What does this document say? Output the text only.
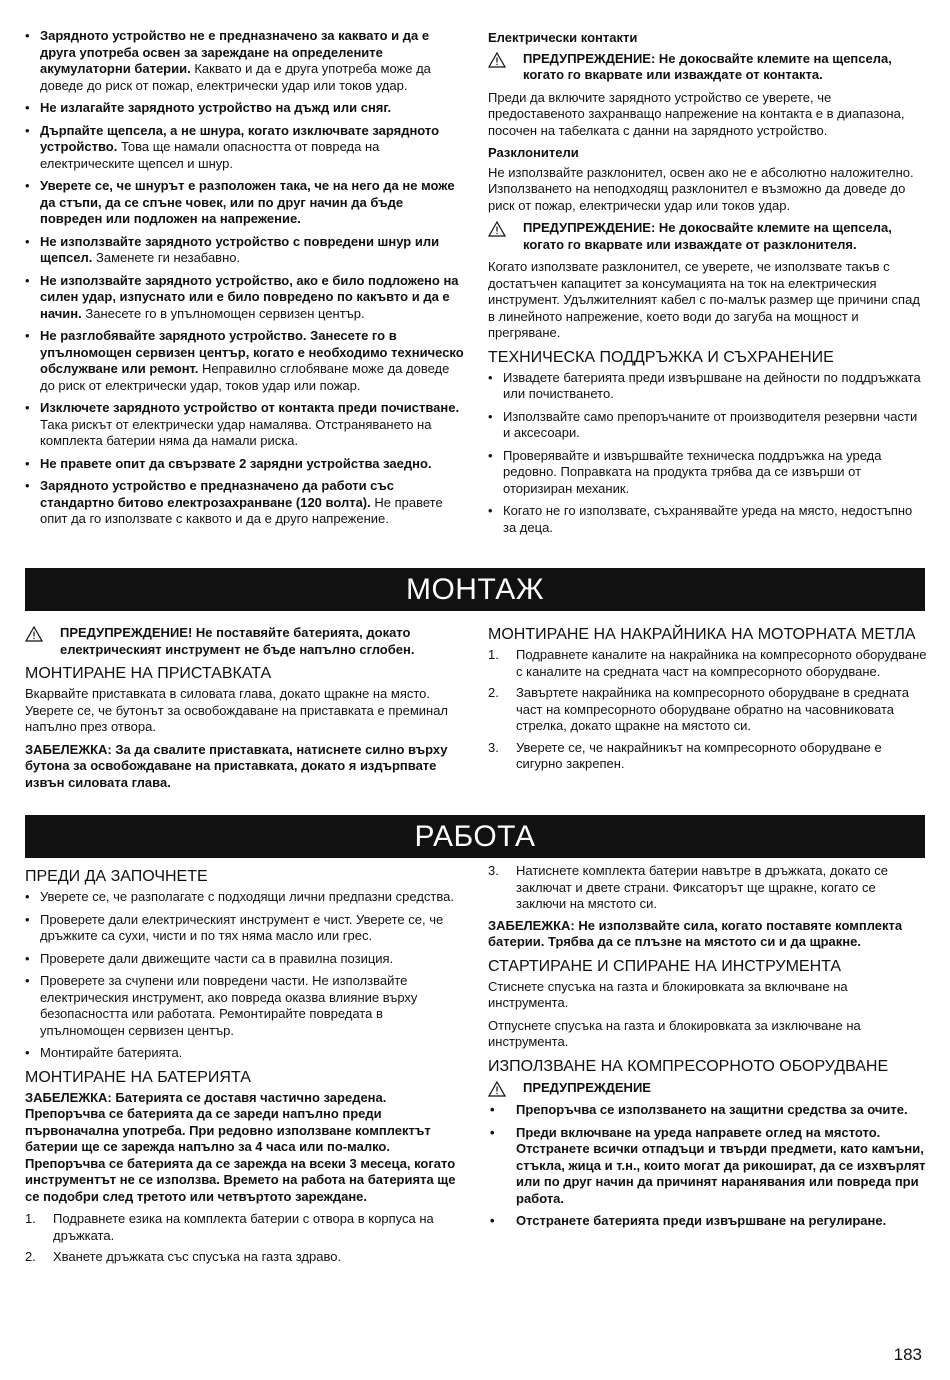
• Зарядното устройство не е предназначено за каквато и да е друга употреба освен за зареждане на определените акумулаторни батерии. Каквато и да е друга употреба може да доведе до риск от пожар, електрически удар или токов удар.
• Не излагайте зарядното устройство на дъжд или сняг.
• Дърпайте щепсела, а не шнура, когато изключвате зарядното устройство. Това ще намали опасността от повреда на електрическите щепсел и шнур.
• Уверете се, че шнурът е разположен така, че на него да не може да стъпи, да се спъне човек, или по друг начин да бъде повреден или подложен на напрежение.
• Не използвайте зарядното устройство с повредени шнур или щепсел. Заменете ги незабавно.
• Не използвайте зарядното устройство, ако е било подложено на силен удар, изпуснато или е било повредено по какъвто и да е начин. Занесете го в упълномощен сервизен център.
• Не разглобявайте зарядното устройство. Занесете го в упълномощен сервизен център, когато е необходимо техническо обслужване или ремонт. Неправилно сглобяване може да доведе до риск от електрически удар, токов удар или пожар.
• Изключете зарядното устройство от контакта преди почистване. Така рискът от електрически удар намалява. Отстраняването на комплекта батерии няма да намали риска.
• Не правете опит да свързвате 2 зарядни устройства заедно.
• Зарядното устройство е предназначено да работи със стандартно битово електрозахранване (120 волта). Не правете опит да го използвате с каквото и да е друго напрежение.
Електрически контакти
ПРЕДУПРЕЖДЕНИЕ: Не докосвайте клемите на щепсела, когато го вкарвате или изваждате от контакта.

Преди да включите зарядното устройство се уверете, че предоставеното захранващо напрежение на контакта е в диапазона, посочен на табелката с данни на зарядното устройство.

Разклонители

Не използвайте разклонител, освен ако не е абсолютно наложително. Използването на неподходящ разклонител е възможно да доведе до риск от пожар, електрически удар или токов удар.

ПРЕДУПРЕЖДЕНИЕ: Не докосвайте клемите на щепсела, когато го вкарвате или изваждате от разклонителя.

Когато използвате разклонител, се уверете, че използвате такъв с достатъчен капацитет за консумацията на ток на електрическия инструмент. Удължителният кабел с по-малък размер ще причини спад в линейното напрежение, което води до загуба на мощност и прегряване.

ТЕХНИЧЕСКА ПОДДРЪЖКА И СЪХРАНЕНИЕ
• Извадете батерията преди извършване на дейности по поддръжката или почистването.
• Използвайте само препоръчаните от производителя резервни части и аксесоари.
• Проверявайте и извършвайте техническа поддръжка на уреда редовно. Поправката на продукта трябва да се извърши от оторизиран механик.
• Когато не го използвате, съхранявайте уреда на място, недостъпно за деца.
МОНТАЖ
ПРЕДУПРЕЖДЕНИЕ! Не поставяйте батерията, докато електрическият инструмент не бъде напълно сглобен.
МОНТИРАНЕ НА ПРИСТАВКАТА

Вкарвайте приставката в силовата глава, докато щракне на място. Уверете се, че бутонът за освобождаване на приставката е преминал напълно през отвора.

ЗАБЕЛЕЖКА: За да свалите приставката, натиснете силно върху бутона за освобождаване на приставката, докато я издърпвате извън силовата глава.

МОНТИРАНЕ НА НАКРАЙНИКА НА МОТОРНАТА МЕТЛА
1. Подравнете каналите на накрайника на компресорното оборудване с каналите на средната част на компресорното оборудване.
2. Завъртете накрайника на компресорното оборудване в средната част на компресорното оборудване обратно на часовниковата стрелка, докато щракне на мястото си.
3. Уверете се, че накрайникът на компресорното оборудване е сигурно закрепен.
РАБОТА
ПРЕДИ ДА ЗАПОЧНЕТЕ
• Уверете се, че разполагате с подходящи лични предпазни средства.
• Проверете дали електрическият инструмент е чист. Уверете се, че дръжките са сухи, чисти и по тях няма масло или грес.
• Проверете дали движещите части са в правилна позиция.
• Проверете за счупени или повредени части. Не използвайте електрическия инструмент, ако повреда оказва влияние върху безопасността или работата. Ремонтирайте повредата в упълномощен сервизен център.
• Монтирайте батерията.
МОНТИРАНЕ НА БАТЕРИЯТА

ЗАБЕЛЕЖКА: Батерията се доставя частично заредена. Препоръчва се батерията да се зареди напълно преди първоначална употреба. При редовно използване комплектът батерии ще се зарежда напълно за 4 часа или по-малко. Препоръчва се батерията да се зарежда на всеки 3 месеца, когато инструментът не се използва. Времето на работа на батерията ще се подобри след третото или четвъртото зареждане.

1. Подравнете езика на комплекта батерии с отвора в корпуса на дръжката.
2. Хванете дръжката със спусъка на газта здраво.
3. Натиснете комплекта батерии навътре в дръжката, докато се заключат и двете страни. Фиксаторът ще щракне, когато се заключи на мястото си.

ЗАБЕЛЕЖКА: Не използвайте сила, когато поставяте комплекта батерии. Трябва да се плъзне на мястото си и да щракне.

СТАРТИРАНЕ И СПИРАНЕ НА ИНСТРУМЕНТА

Стиснете спусъка на газта и блокировката за включване на инструмента.

Отпуснете спусъка на газта и блокировката за изключване на инструмента.

ИЗПОЛЗВАНЕ НА КОМПРЕСОРНОТО ОБОРУДВАНЕ
ПРЕДУПРЕЖДЕНИЕ
• Препоръчва се използването на защитни средства за очите.
• Преди включване на уреда направете оглед на мястото. Отстранете всички отпадъци и твърди предмети, като камъни, стъкла, жица и т.н., които могат да рикошират, да се изхвърлят или по друг начин да причинят наранявания или повреда при работа.
• Отстранете батерията преди извършване на регулиране.
183
